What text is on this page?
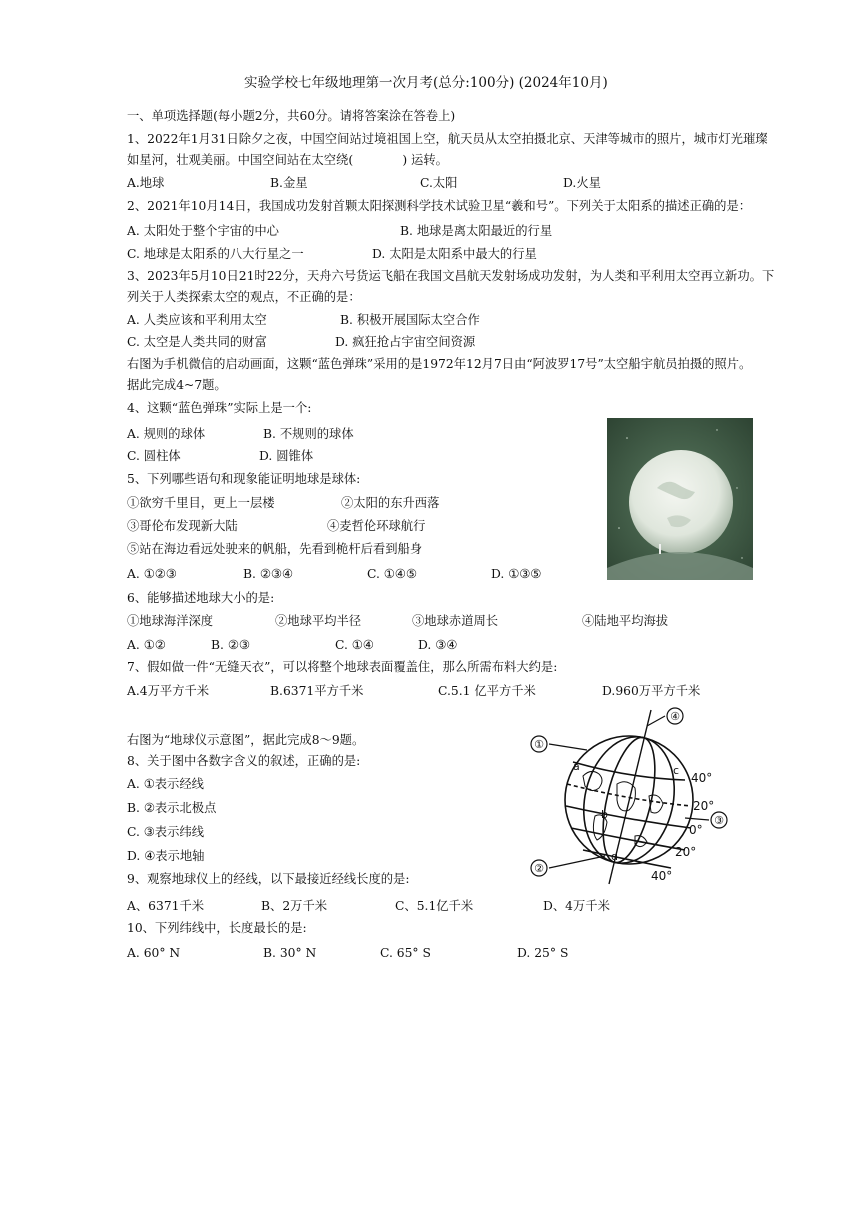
实验学校七年级地理第一次月考(总分:100分) (2024年10月)
一、单项选择题(每小题2分，共60分。请将答案涂在答卷上)
1、2022年1月31日除夕之夜，中国空间站过境祖国上空，航天员从太空拍摄北京、天津等城市的照片，城市灯光璀璨
如星河，壮观美丽。中国空间站在太空绕(　　　　) 运转。
A.地球	B.金星	C.太阳	D.火星
2、2021年10月14日，我国成功发射首颗太阳探测科学技术试验卫星“羲和号”。下列关于太阳系的描述正确的是：
A. 太阳处于整个宇宙的中心	B. 地球是离太阳最近的行星
C. 地球是太阳系的八大行星之一	D. 太阳是太阳系中最大的行星
3、2023年5月10日21时22分，天舟六号货运飞船在我国文昌航天发射场成功发射，为人类和平利用太空再立新功。下
列关于人类探索太空的观点，不正确的是：
A. 人类应该和平利用太空	B. 积极开展国际太空合作
C. 太空是人类共同的财富	D. 疯狂抢占宇宙空间资源
右图为手机微信的启动画面，这颗“蓝色弹珠”采用的是1972年12月7日由“阿波罗17号”太空船宇航员拍摄的照片。
据此完成4~7题。
4、这颗“蓝色弹珠”实际上是一个:
A. 规则的球体	B. 不规则的球体
C. 圆柱体	D. 圆锥体
5、下列哪些语句和现象能证明地球是球体:
①欲穷千里目，更上一层楼	②太阳的东升西落
③哥伦布发现新大陆	④麦哲伦环球航行
⑤站在海边看远处驶来的帆船，先看到桅杆后看到船身
A. ①②③	B. ②③④	C. ①④⑤	D. ①③⑤
6、能够描述地球大小的是:
①地球海洋深度	②地球平均半径	③地球赤道周长	④陆地平均海拔
A. ①②	B. ②③	C. ①④	D. ③④
7、假如做一件“无缝天衣”，可以将整个地球表面覆盖住，那么所需布料大约是:
A.4万平方千米	B.6371平方千米	C.5.1 亿平方千米	D.960万平方千米
右图为“地球仪示意图”，据此完成8～9题。
8、关于图中各数字含义的叙述，正确的是:
A. ①表示经线
B. ②表示北极点
C. ③表示纬线
D. ④表示地轴
①
②
③
④
40°
20°
0°
20°
40°
a
b
c
d
9、观察地球仪上的经线，以下最接近经线长度的是:
A、6371千米	B、2万千米	C、5.1亿千米	D、4万千米
10、下列纬线中，长度最长的是:
A. 60° N	B. 30° N	C. 65° S	D. 25° S
